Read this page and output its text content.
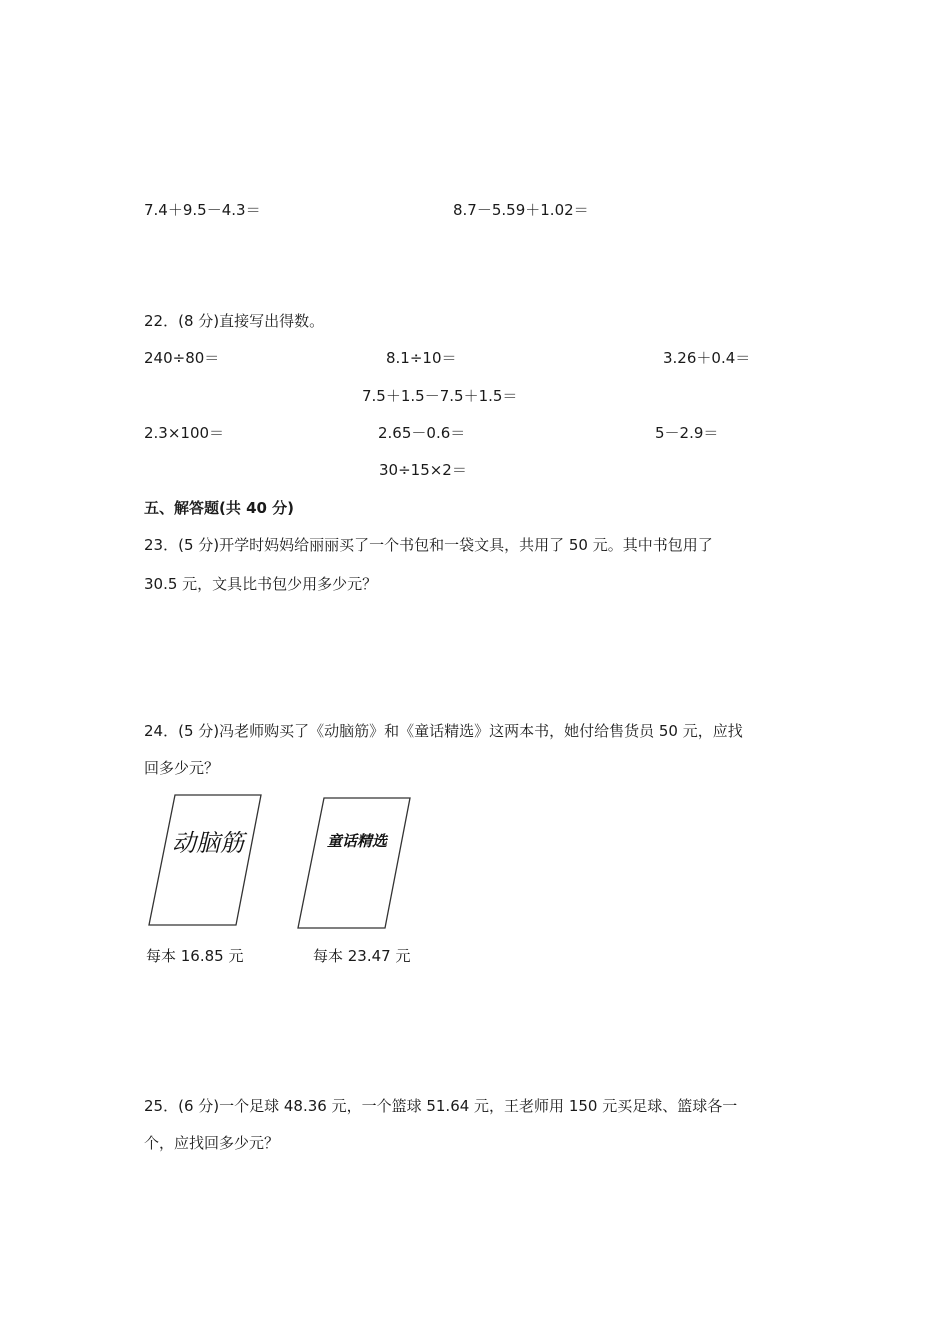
7.4＋9.5－4.3＝	8.7－5.59＋1.02＝
22．(8 分)直接写出得数。
240÷80＝	8.1÷10＝	3.26＋0.4＝
7.5＋1.5－7.5＋1.5＝
2.3×100＝	2.65－0.6＝	5－2.9＝
30÷15×2＝
五、解答题(共 40 分)
23．(5 分)开学时妈妈给丽丽买了一个书包和一袋文具，共用了 50 元。其中书包用了
30.5 元，文具比书包少用多少元？
24．(5 分)冯老师购买了《动脑筋》和《童话精选》这两本书，她付给售货员 50 元，应找
回多少元？
动脑筋	童话精选
每本 16.85 元	每本 23.47 元
25．(6 分)一个足球 48.36 元，一个篮球 51.64 元，王老师用 150 元买足球、篮球各一
个，应找回多少元？
